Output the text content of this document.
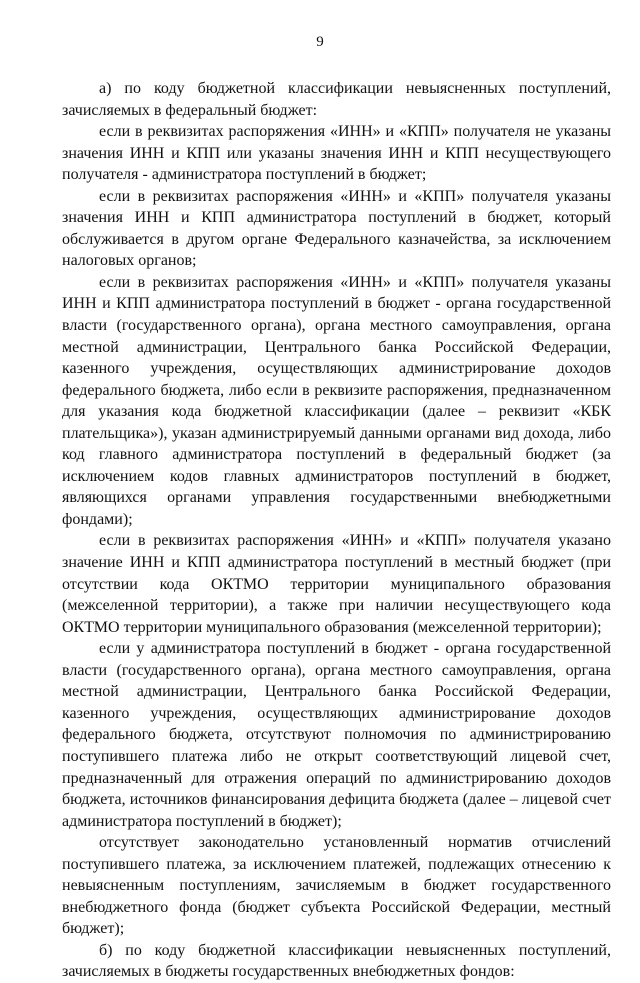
9

а) по коду бюджетной классификации невыясненных поступлений, зачисляемых в федеральный бюджет:

если в реквизитах распоряжения «ИНН» и «КПП» получателя не указаны значения ИНН и КПП или указаны значения ИНН и КПП несуществующего получателя - администратора поступлений в бюджет;

если в реквизитах распоряжения «ИНН» и «КПП» получателя указаны значения ИНН и КПП администратора поступлений в бюджет, который обслуживается в другом органе Федерального казначейства, за исключением налоговых органов;

если в реквизитах распоряжения «ИНН» и «КПП» получателя указаны ИНН и КПП администратора поступлений в бюджет - органа государственной власти (государственного органа), органа местного самоуправления, органа местной администрации, Центрального банка Российской Федерации, казенного учреждения, осуществляющих администрирование доходов федерального бюджета, либо если в реквизите распоряжения, предназначенном для указания кода бюджетной классификации (далее – реквизит «КБК плательщика»), указан администрируемый данными органами вид дохода, либо код главного администратора поступлений в федеральный бюджет (за исключением кодов главных администраторов поступлений в бюджет, являющихся органами управления государственными внебюджетными фондами);

если в реквизитах распоряжения «ИНН» и «КПП» получателя указано значение ИНН и КПП администратора поступлений в местный бюджет (при отсутствии кода ОКТМО территории муниципального образования (межселенной территории), а также при наличии несуществующего кода ОКТМО территории муниципального образования (межселенной территории);

если у администратора поступлений в бюджет - органа государственной власти (государственного органа), органа местного самоуправления, органа местной администрации, Центрального банка Российской Федерации, казенного учреждения, осуществляющих администрирование доходов федерального бюджета, отсутствуют полномочия по администрированию поступившего платежа либо не открыт соответствующий лицевой счет, предназначенный для отражения операций по администрированию доходов бюджета, источников финансирования дефицита бюджета (далее – лицевой счет администратора поступлений в бюджет);

отсутствует законодательно установленный норматив отчислений поступившего платежа, за исключением платежей, подлежащих отнесению к невыясненным поступлениям, зачисляемым в бюджет государственного внебюджетного фонда (бюджет субъекта Российской Федерации, местный бюджет);

б) по коду бюджетной классификации невыясненных поступлений, зачисляемых в бюджеты государственных внебюджетных фондов:
